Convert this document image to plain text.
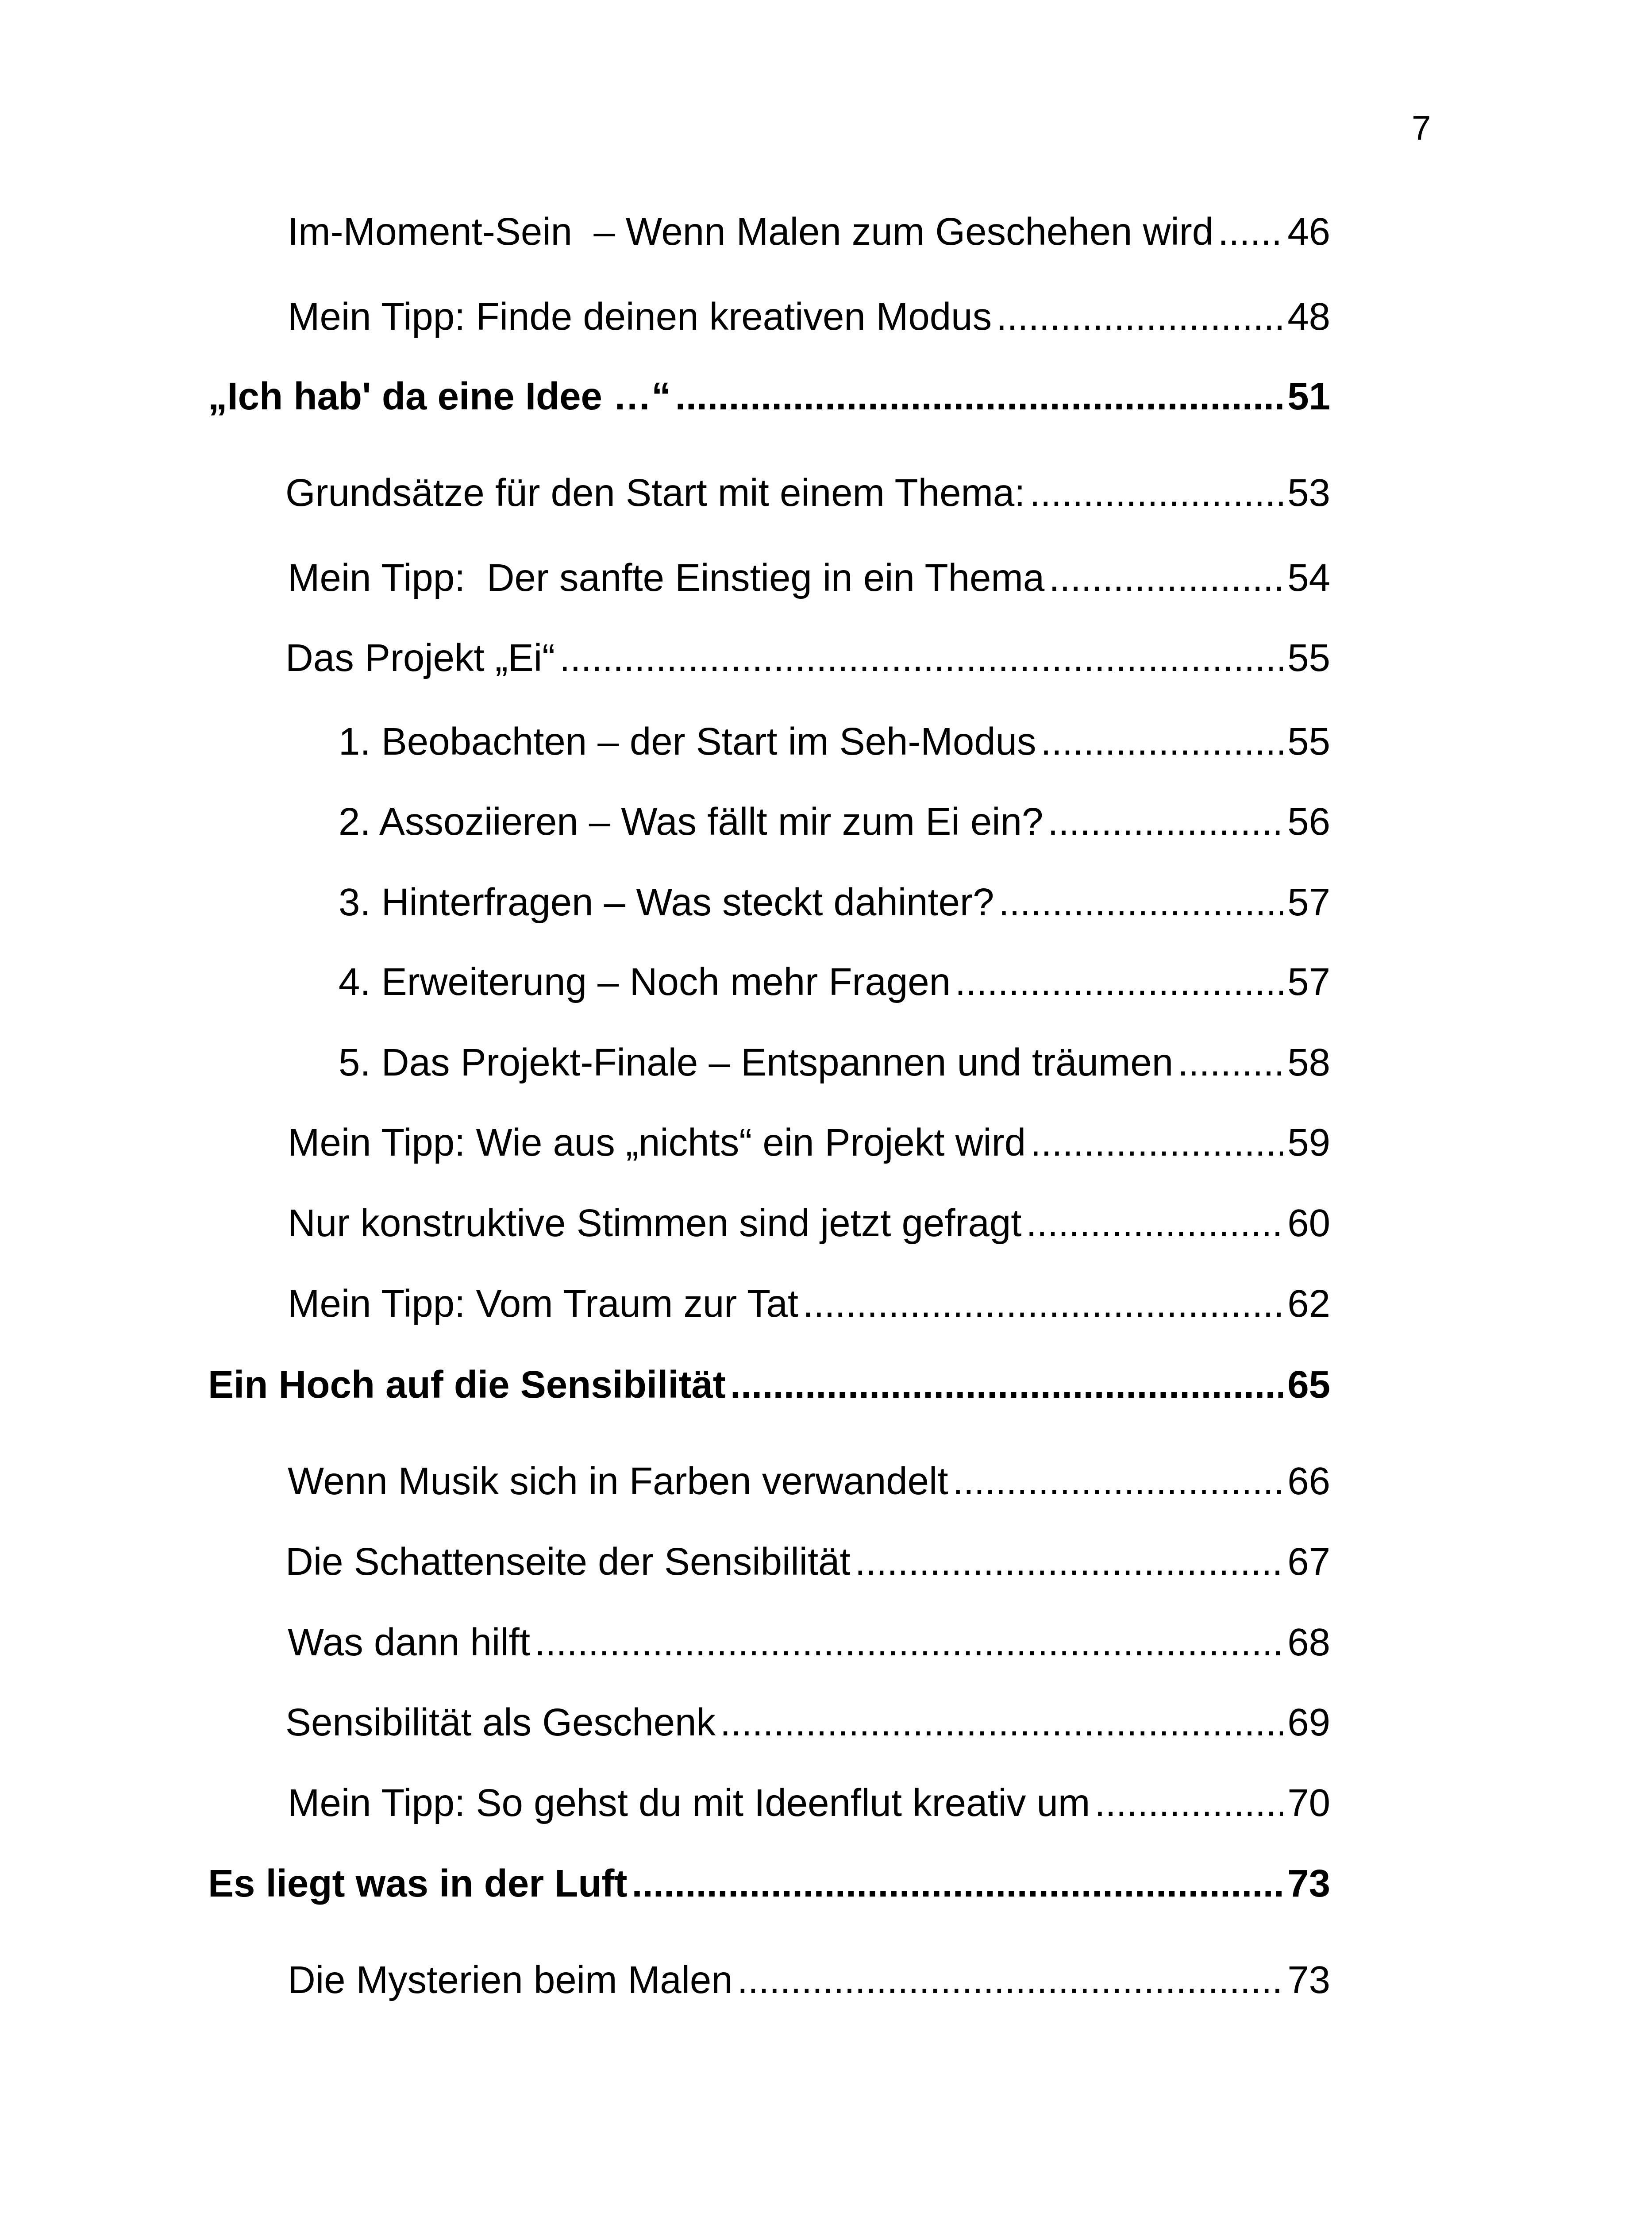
7
Im-Moment-Sein  – Wenn Malen zum Geschehen wird ..... 46
Mein Tipp: Finde deinen kreativen Modus .....	48
„Ich hab' da eine Idee …“ .....	51
Grundsätze für den Start mit einem Thema: .....	53
Mein Tipp:  Der sanfte Einstieg in ein Thema .....	54
Das Projekt „Ei“ .....	55
1. Beobachten – der Start im Seh-Modus .....	55
2. Assoziieren – Was fällt mir zum Ei ein? .....	56
3. Hinterfragen – Was steckt dahinter? .....	57
4. Erweiterung – Noch mehr Fragen .....	57
5. Das Projekt-Finale – Entspannen und träumen .....	58
Mein Tipp: Wie aus „nichts“ ein Projekt wird .....	59
Nur konstruktive Stimmen sind jetzt gefragt .....	60
Mein Tipp: Vom Traum zur Tat .....	62
Ein Hoch auf die Sensibilität .....	65
Wenn Musik sich in Farben verwandelt .....	66
Die Schattenseite der Sensibilität .....	67
Was dann hilft .....	68
Sensibilität als Geschenk .....	69
Mein Tipp: So gehst du mit Ideenflut kreativ um .....	70
Es liegt was in der Luft .....	73
Die Mysterien beim Malen .....	73
